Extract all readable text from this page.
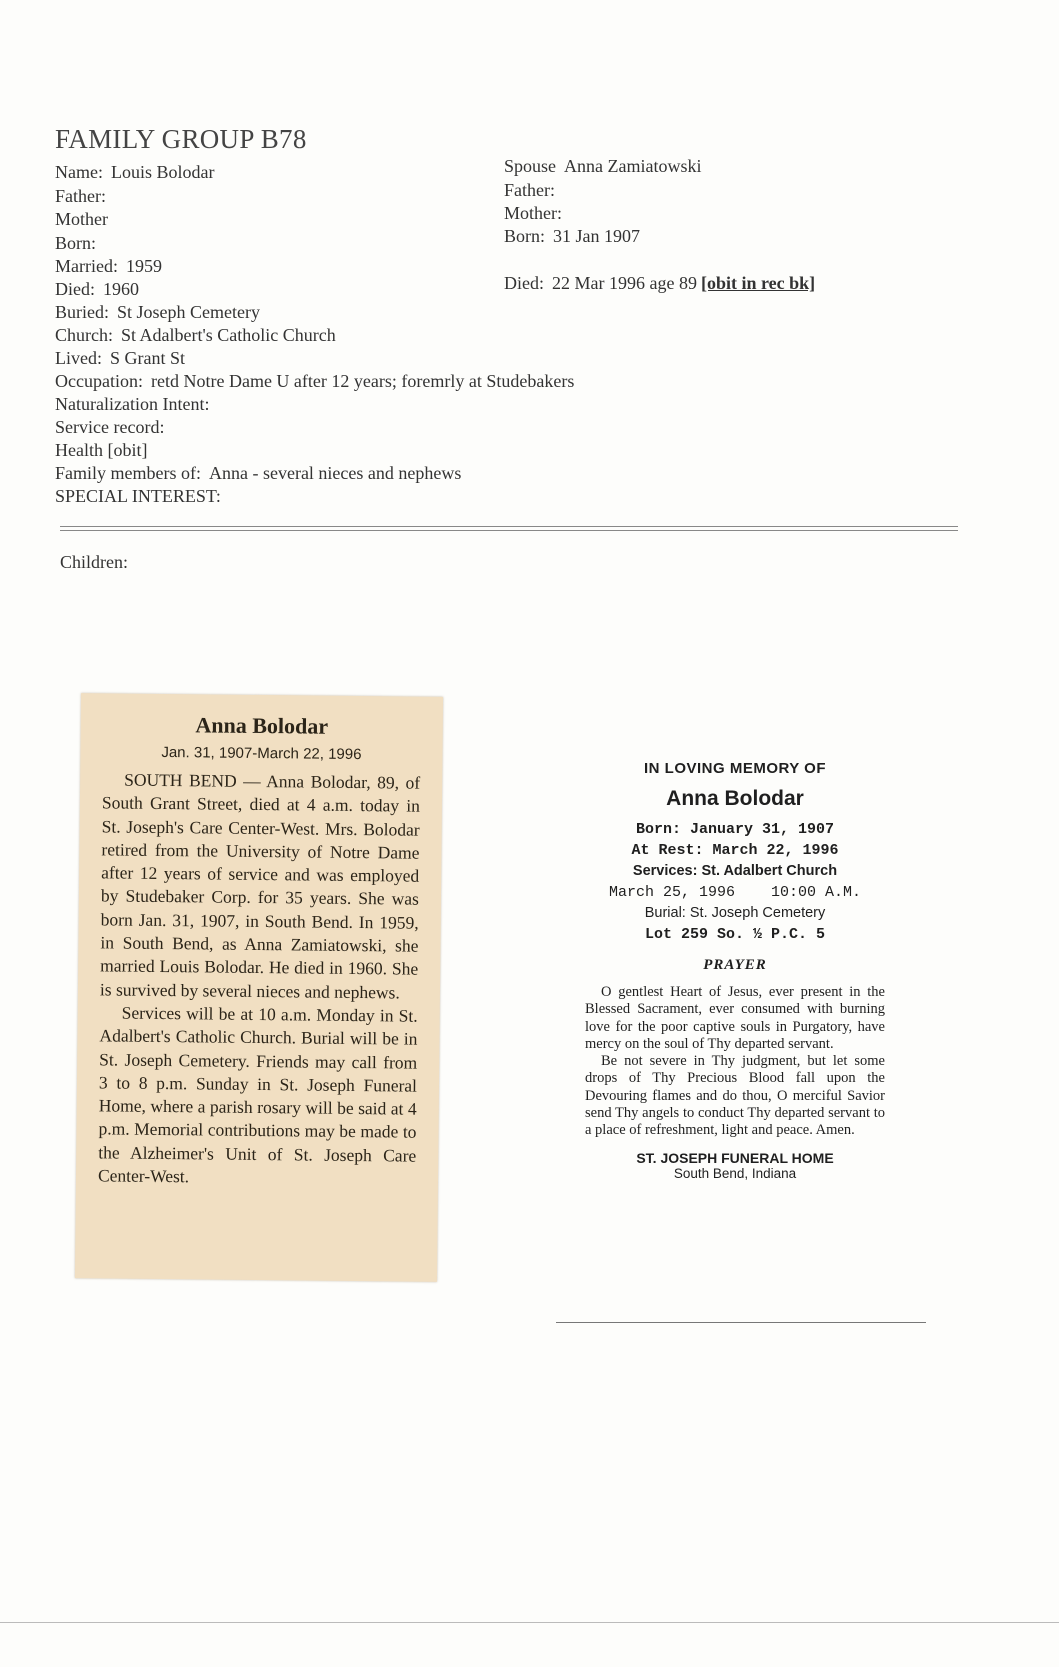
FAMILY GROUP B78
Name: Louis Bolodar
Father:
Mother
Born:
Married: 1959
Died: 1960
Buried: St Joseph Cemetery
Church: St Adalbert's Catholic Church
Lived: S Grant St
Occupation: retd Notre Dame U after 12 years; foremrly at Studebakers
Naturalization Intent:
Service record:
Health [obit]
Family members of: Anna - several nieces and nephews
SPECIAL INTEREST:
Children:
Spouse Anna Zamiatowski
Father:
Mother:
Born: 31 Jan 1907
Died: 22 Mar 1996 age 89 [obit in rec bk]
Anna Bolodar
Jan. 31, 1907-March 22, 1996

SOUTH BEND — Anna Bolodar, 89, of South Grant Street, died at 4 a.m. today in St. Joseph's Care Center-West. Mrs. Bolodar retired from the University of Notre Dame after 12 years of service and was employed by Studebaker Corp. for 35 years. She was born Jan. 31, 1907, in South Bend. In 1959, in South Bend, as Anna Zamiatowski, she married Louis Bolodar. He died in 1960. She is survived by several nieces and nephews.

Services will be at 10 a.m. Monday in St. Adalbert's Catholic Church. Burial will be in St. Joseph Cemetery. Friends may call from 3 to 8 p.m. Sunday in St. Joseph Funeral Home, where a parish rosary will be said at 4 p.m. Memorial contributions may be made to the Alzheimer's Unit of St. Joseph Care Center-West.

IN LOVING MEMORY OF
Anna Bolodar
Born: January 31, 1907
At Rest: March 22, 1996
Services: St. Adalbert Church
March 25, 1996    10:00 A.M.
Burial: St. Joseph Cemetery
Lot 259 So. ½ P.C. 5
PRAYER

O gentlest Heart of Jesus, ever present in the Blessed Sacrament, ever consumed with burning love for the poor captive souls in Purgatory, have mercy on the soul of Thy departed servant.

Be not severe in Thy judgment, but let some drops of Thy Precious Blood fall upon the Devouring flames and do thou, O merciful Savior send Thy angels to conduct Thy departed servant to a place of refreshment, light and peace. Amen.

ST. JOSEPH FUNERAL HOME
South Bend, Indiana
